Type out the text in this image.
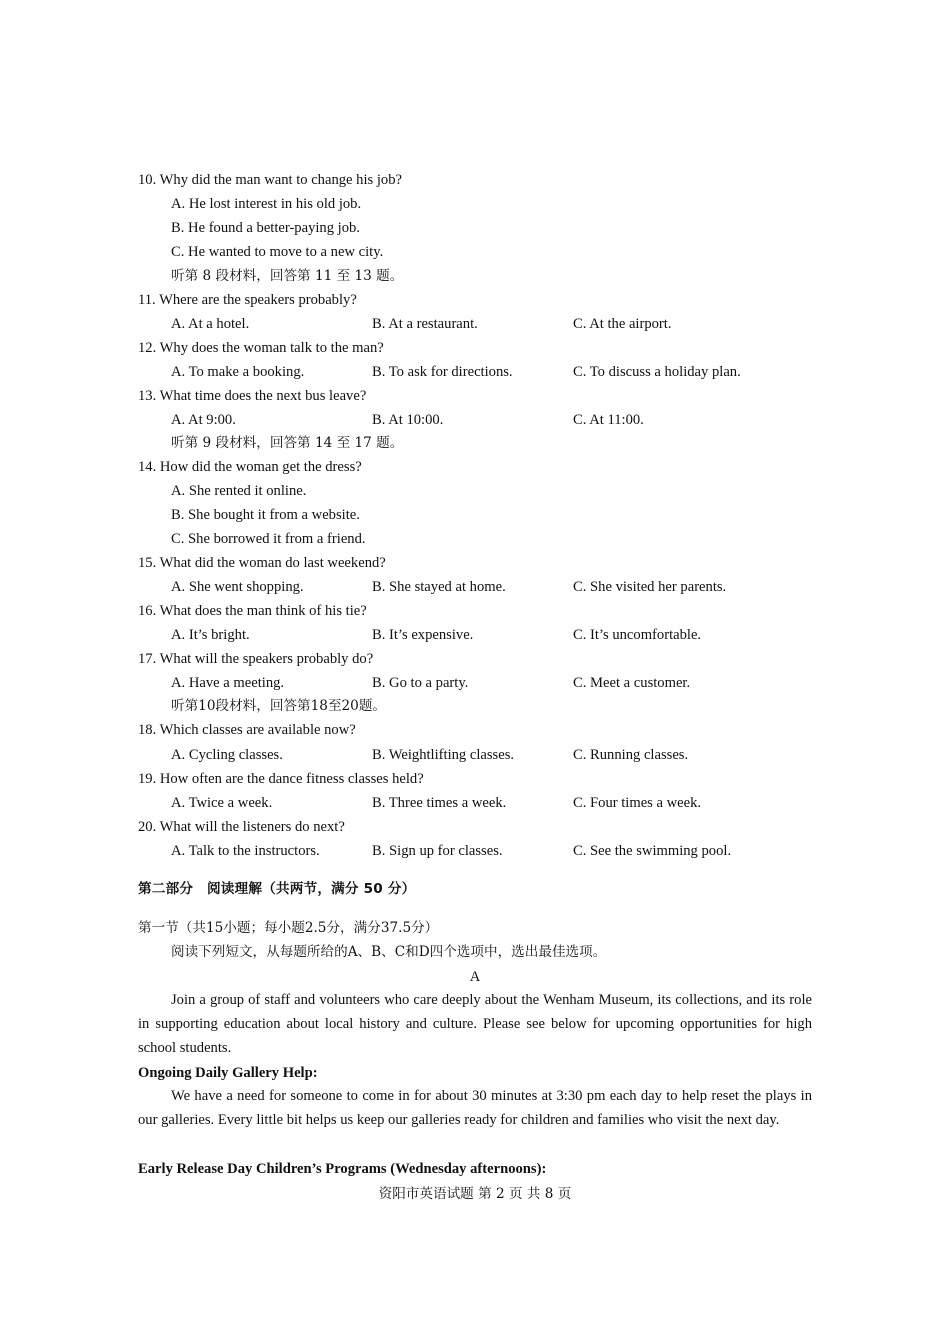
10. Why did the man want to change his job?
A. He lost interest in his old job.
B. He found a better-paying job.
C. He wanted to move to a new city.
听第 8 段材料，回答第 11 至 13 题。
11. Where are the speakers probably?
A. At a hotel.	B. At a restaurant.	C. At the airport.
12. Why does the woman talk to the man?
A. To make a booking.	B. To ask for directions.	C. To discuss a holiday plan.
13. What time does the next bus leave?
A. At 9:00.	B. At 10:00.	C. At 11:00.
听第 9 段材料，回答第 14 至 17 题。
14. How did the woman get the dress?
A. She rented it online.
B. She bought it from a website.
C. She borrowed it from a friend.
15. What did the woman do last weekend?
A. She went shopping.	B. She stayed at home.	C. She visited her parents.
16. What does the man think of his tie?
A. It’s bright.	B. It’s expensive.	C. It’s uncomfortable.
17. What will the speakers probably do?
A. Have a meeting.	B. Go to a party.	C. Meet a customer.
听第10段材料，回答第18至20题。
18. Which classes are available now?
A. Cycling classes.	B. Weightlifting classes.	C. Running classes.
19. How often are the dance fitness classes held?
A. Twice a week.	B. Three times a week.	C. Four times a week.
20. What will the listeners do next?
A. Talk to the instructors.	B. Sign up for classes.	C. See the swimming pool.
第二部分　阅读理解（共两节，满分 50 分）
第一节（共15小题；每小题2.5分，满分37.5分）
阅读下列短文，从每题所给的A、B、C和D四个选项中，选出最佳选项。
A
Join a group of staff and volunteers who care deeply about the Wenham Museum, its collections, and its role in supporting education about local history and culture. Please see below for upcoming opportunities for high school students.
Ongoing Daily Gallery Help:
We have a need for someone to come in for about 30 minutes at 3:30 pm each day to help reset the plays in our galleries. Every little bit helps us keep our galleries ready for children and families who visit the next day.
Early Release Day Children’s Programs (Wednesday afternoons):
资阳市英语试题 第 2 页 共 8 页
